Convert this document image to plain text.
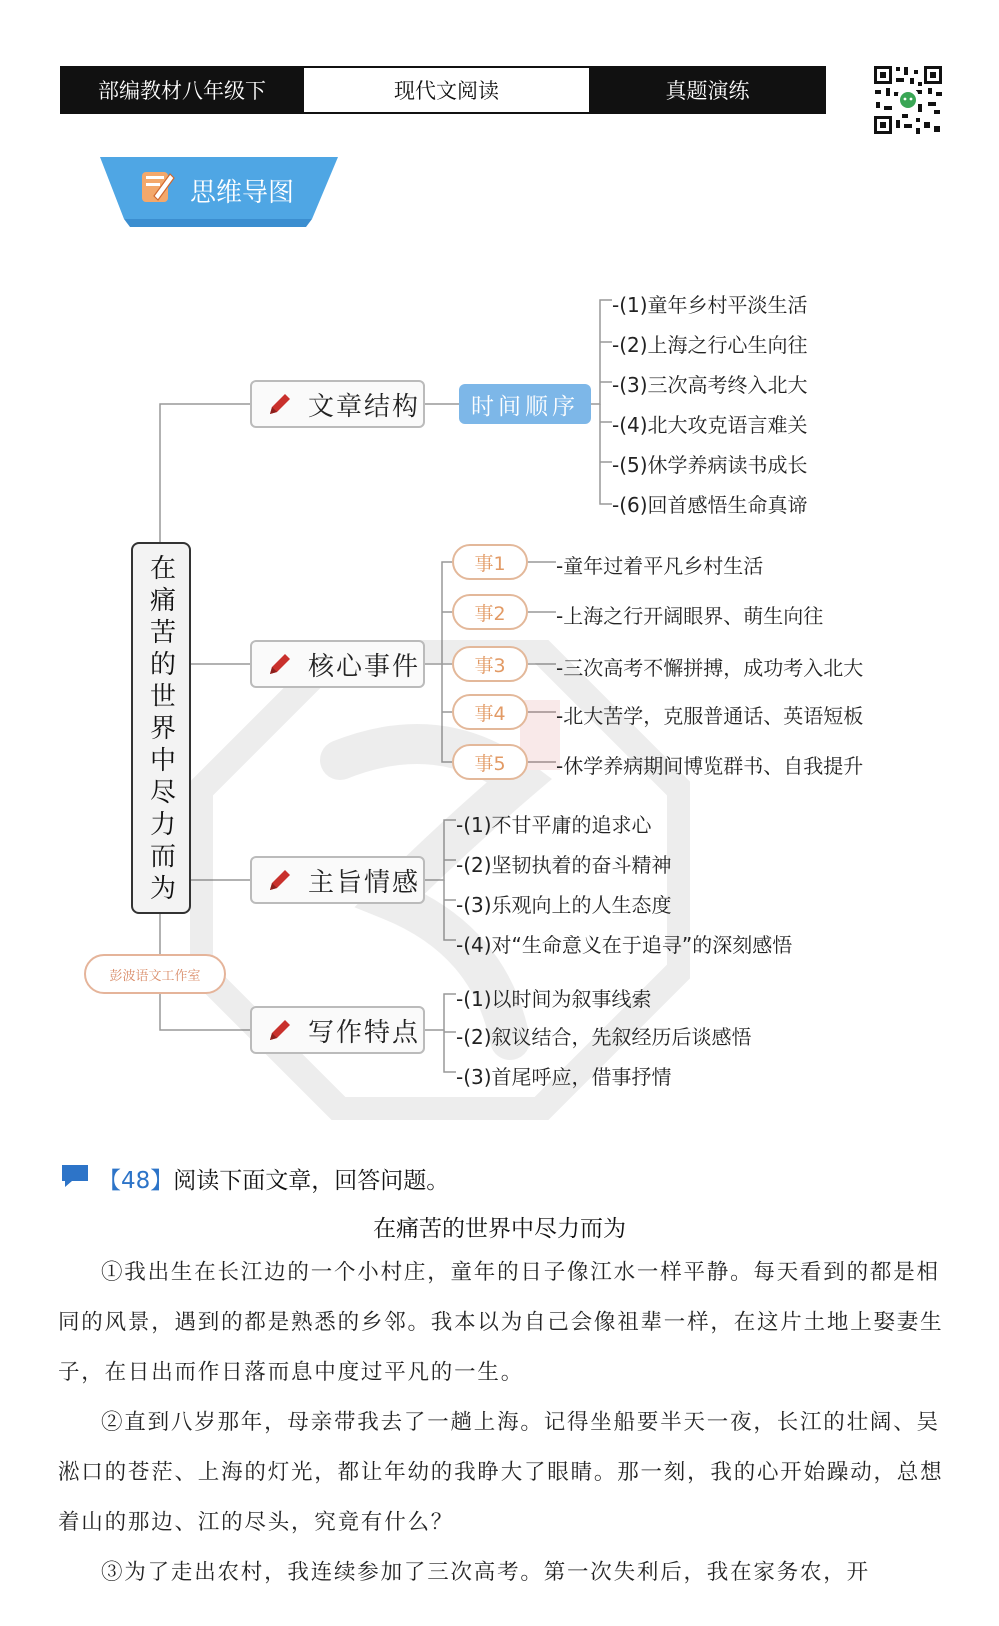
部编教材八年级下	现代文阅读	真题演练
思维导图
在痛苦的世界中尽力而为
文章结构	时间顺序
-(1)童年乡村平淡生活
-(2)上海之行心生向往
-(3)三次高考终入北大
-(4)北大攻克语言难关
-(5)休学养病读书成长
-(6)回首感悟生命真谛
核心事件
事1
事2
事3
事4
事5
-童年过着平凡乡村生活
-上海之行开阔眼界、萌生向往
-三次高考不懈拼搏，成功考入北大
-北大苦学，克服普通话、英语短板
-休学养病期间博览群书、自我提升
主旨情感
-(1)不甘平庸的追求心
-(2)坚韧执着的奋斗精神
-(3)乐观向上的人生态度
-(4)对“生命意义在于追寻”的深刻感悟
彭波语文工作室
写作特点
-(1)以时间为叙事线索
-(2)叙议结合，先叙经历后谈感悟
-(3)首尾呼应，借事抒情
【48】阅读下面文章，回答问题。
在痛苦的世界中尽力而为

①我出生在长江边的一个小村庄，童年的日子像江水一样平静。每天看到的都是相同的风景，遇到的都是熟悉的乡邻。我本以为自己会像祖辈一样，在这片土地上娶妻生子，在日出而作日落而息中度过平凡的一生。

②直到八岁那年，母亲带我去了一趟上海。记得坐船要半天一夜，长江的壮阔、吴淞口的苍茫、上海的灯光，都让年幼的我睁大了眼睛。那一刻，我的心开始躁动，总想着山的那边、江的尽头，究竟有什么？

③为了走出农村，我连续参加了三次高考。第一次失利后，我在家务农，开
